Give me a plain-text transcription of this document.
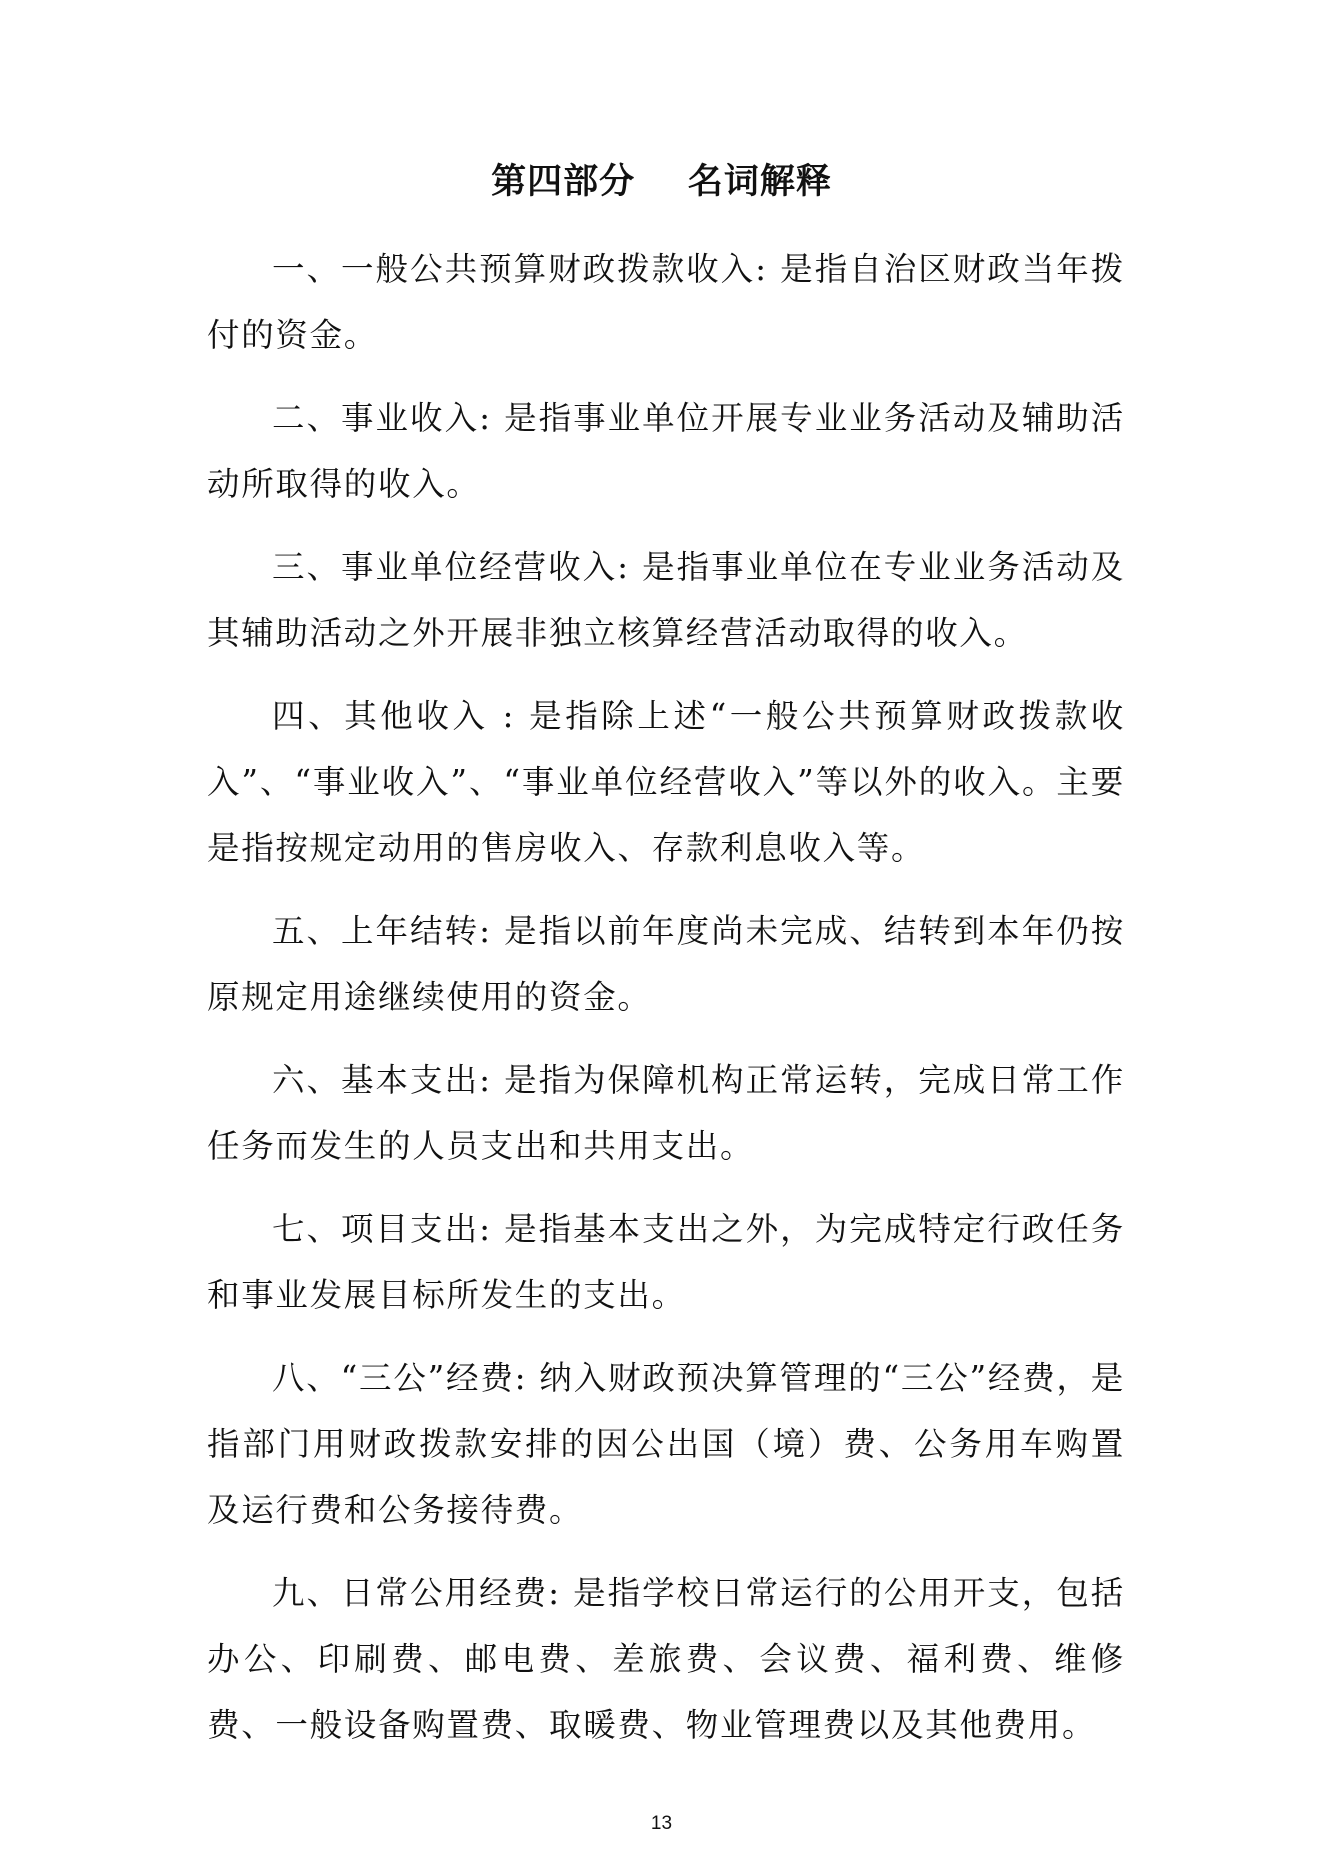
第四部分    名词解释

一、一般公共预算财政拨款收入: 是指自治区财政当年拨付的资金。

二、事业收入: 是指事业单位开展专业业务活动及辅助活动所取得的收入。

三、事业单位经营收入: 是指事业单位在专业业务活动及其辅助活动之外开展非独立核算经营活动取得的收入。

四、其他收入 : 是指除上述“一般公共预算财政拨款收入”、“事业收入”、“事业单位经营收入”等以外的收入。主要是指按规定动用的售房收入、存款利息收入等。

五、上年结转: 是指以前年度尚未完成、结转到本年仍按原规定用途继续使用的资金。

六、基本支出: 是指为保障机构正常运转，完成日常工作任务而发生的人员支出和共用支出。

七、项目支出: 是指基本支出之外，为完成特定行政任务和事业发展目标所发生的支出。

八、“三公”经费: 纳入财政预决算管理的“三公”经费，是指部门用财政拨款安排的因公出国（境）费、公务用车购置及运行费和公务接待费。

九、日常公用经费: 是指学校日常运行的公用开支，包括办公、印刷费、邮电费、差旅费、会议费、福利费、维修费、一般设备购置费、取暖费、物业管理费以及其他费用。

13
